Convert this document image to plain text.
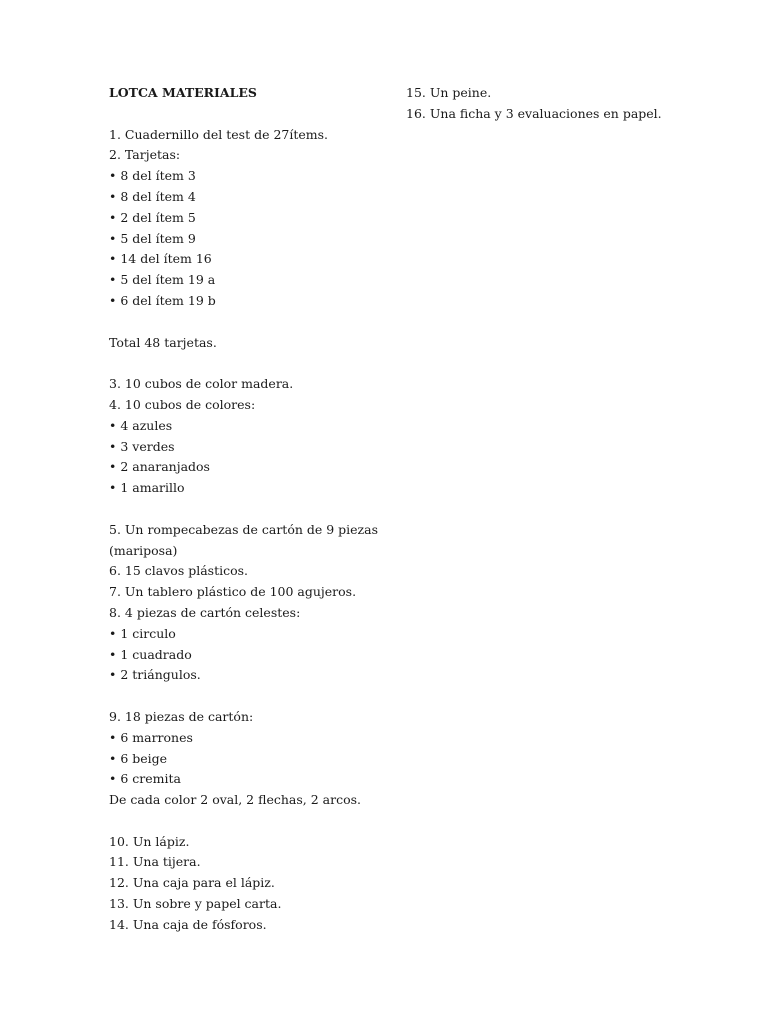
LOTCA MATERIALES
1. Cuadernillo del test de 27ítems.
2. Tarjetas:
• 8 del ítem 3
• 8 del ítem 4
• 2 del ítem 5
• 5 del ítem 9
• 14 del ítem 16
• 5 del ítem 19 a
• 6 del ítem 19 b
Total 48 tarjetas.
3. 10 cubos de color madera.
4. 10 cubos de colores:
• 4 azules
• 3 verdes
• 2 anaranjados
• 1 amarillo
5. Un rompecabezas de cartón de 9 piezas
(mariposa)
6. 15 clavos plásticos.
7. Un tablero plástico de 100 agujeros.
8. 4 piezas de cartón celestes:
• 1 circulo
• 1 cuadrado
• 2 triángulos.
9. 18 piezas de cartón:
• 6 marrones
• 6 beige
• 6 cremita
De cada color 2 oval, 2 flechas, 2 arcos.
10. Un lápiz.
11. Una tijera.
12. Una caja para el lápiz.
13. Un sobre y papel carta.
14. Una caja de fósforos.
15. Un peine.
16. Una ficha y 3 evaluaciones en papel.
